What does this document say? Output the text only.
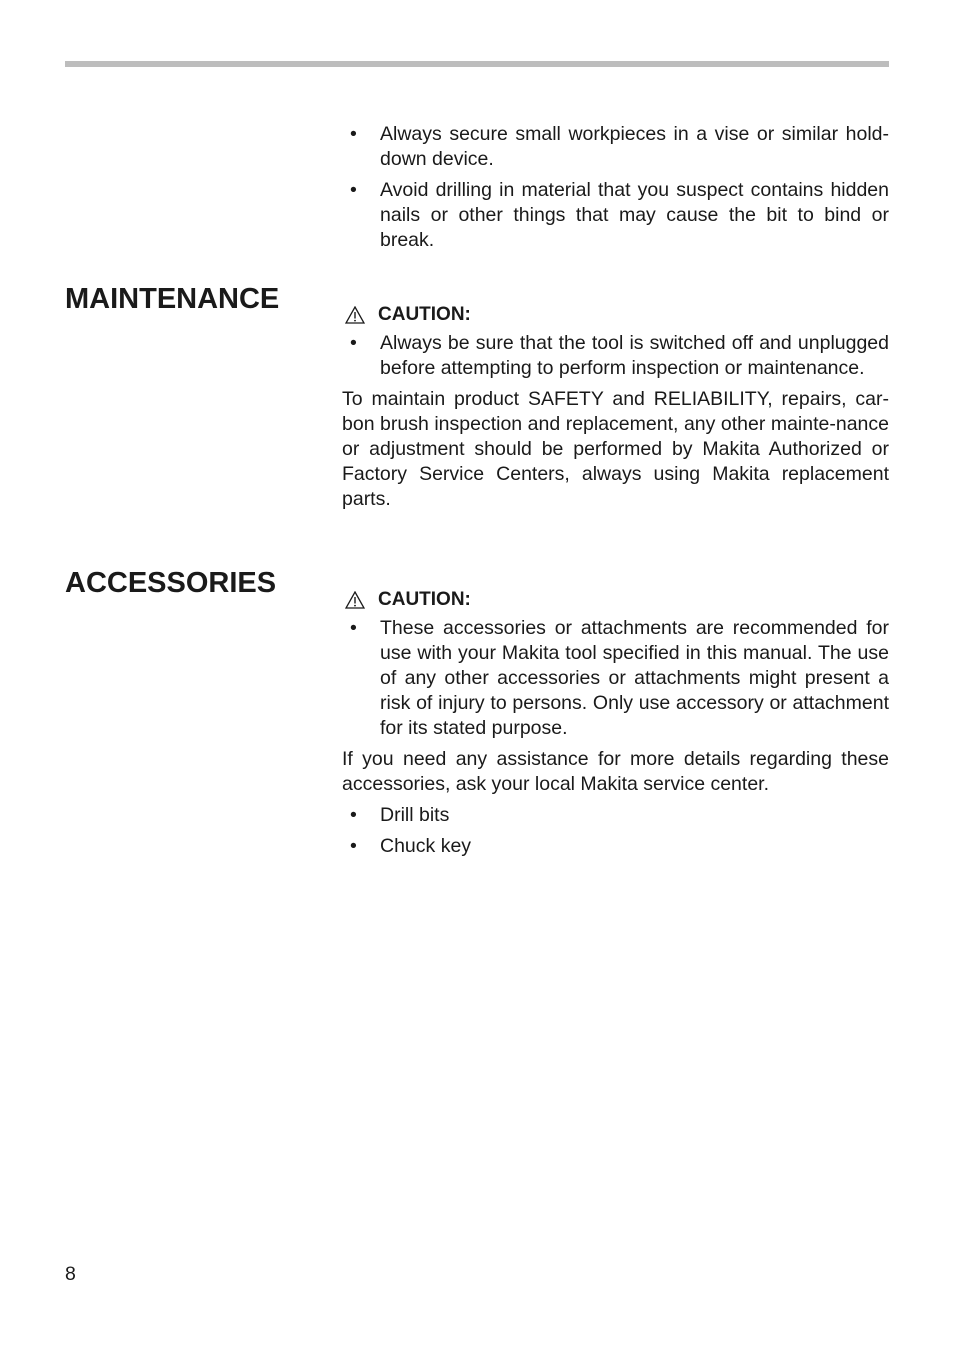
• Always secure small workpieces in a vise or similar hold-down device.
• Avoid drilling in material that you suspect contains hidden nails or other things that may cause the bit to bind or break.
MAINTENANCE	CAUTION:
• Always be sure that the tool is switched off and unplugged before attempting to perform inspection or maintenance.

To maintain product SAFETY and RELIABILITY, repairs, car-bon brush inspection and replacement, any other mainte-nance or adjustment should be performed by Makita Authorized or Factory Service Centers, always using Makita replacement parts.

ACCESSORIES
CAUTION:
• These accessories or attachments are recommended for use with your Makita tool specified in this manual. The use of any other accessories or attachments might present a risk of injury to persons. Only use accessory or attachment for its stated purpose.

If you need any assistance for more details regarding these accessories, ask your local Makita service center.

• Drill bits
• Chuck key
8
